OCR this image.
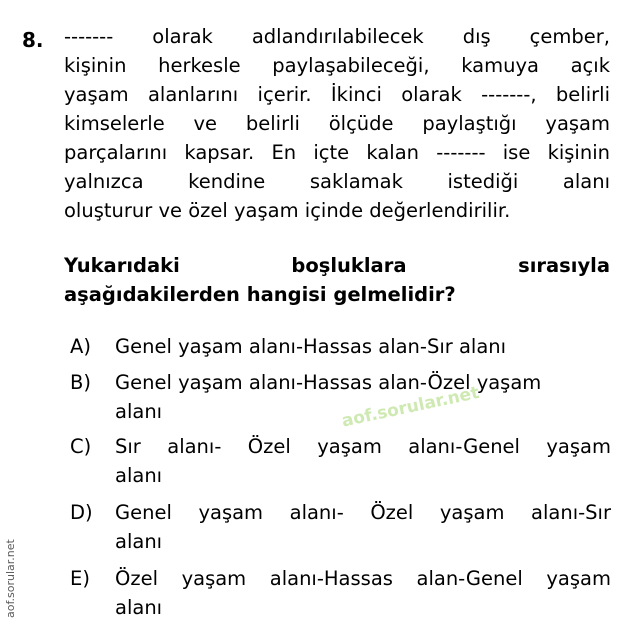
8. ------- olarak adlandırılabilecek dış çember,
kişinin herkesle paylaşabileceği, kamuya açık
yaşam alanlarını içerir. İkinci olarak -------, belirli
kimselerle ve belirli ölçüde paylaştığı yaşam
parçalarını kapsar. En içte kalan ------- ise kişinin
yalnızca kendine saklamak istediği alanı
oluşturur ve özel yaşam içinde değerlendirilir.
Yukarıdaki boşluklara sırasıyla
aşağıdakilerden hangisi gelmelidir?
A) Genel yaşam alanı-Hassas alan-Sır alanı
B) Genel yaşam alanı-Hassas alan-Özel yaşam
alanı
C) Sır alanı- Özel yaşam alanı-Genel yaşam
alanı
D) Genel yaşam alanı- Özel yaşam alanı-Sır
alanı
E) Özel yaşam alanı-Hassas alan-Genel yaşam
alanı
aof.sorular.net
aof.sorular.net
